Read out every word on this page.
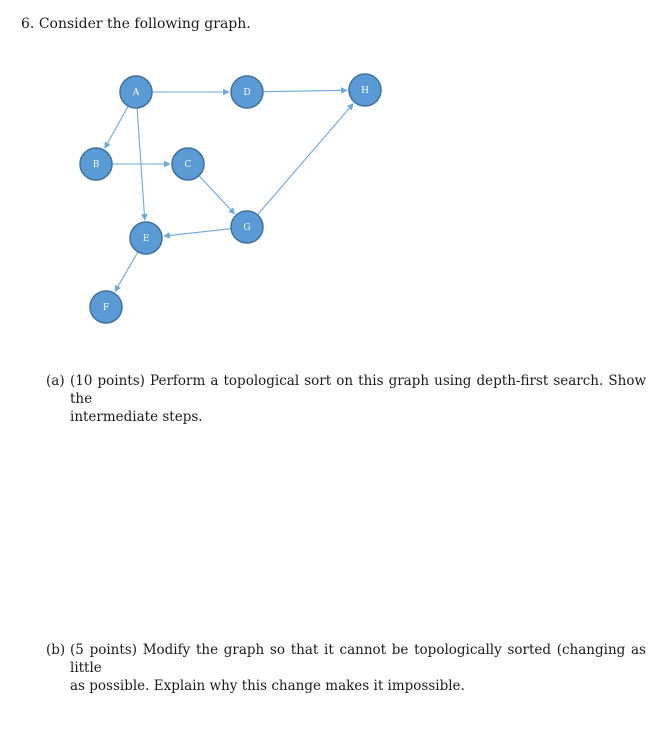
6. Consider the following graph.
A
B	C
D
E
F
G
H
(a) (10 points) Perform a topological sort on this graph using depth-first search. Show the
intermediate steps.
(b) (5 points) Modify the graph so that it cannot be topologically sorted (changing as little
as possible. Explain why this change makes it impossible.
